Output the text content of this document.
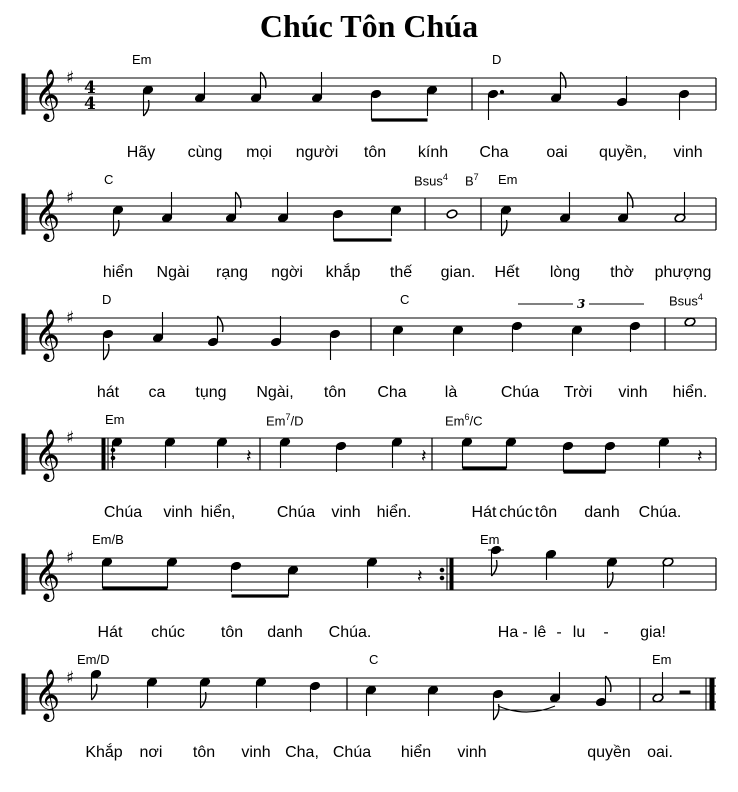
Chúc Tôn Chúa
𝄞 ♯ 4
4
Em	D
Hãy cùng mọi người tôn kính Cha oai quyền, vinh
𝄞 ♯
C	Bsus$^4$ $B^7$ Em
hiển Ngài rạng ngời khắp thế gian. Hết lòng thờ phượng
𝄞 ♯
3
D	C	Bsus$^4$
hát ca tụng Ngài, tôn Cha là	Chúa Trời vinh hiển.
𝄞 ♯
𝄽	𝄽	𝄽
Em	Em$^7$/D	Em$^6$/C
Chúa vinh hiển,	Chúa vinh hiển.	Hát chúc tôn danh Chúa.
𝄞 ♯
𝄽
Em/B	Em
Hát chúc tôn danh Chúa.	Ha - lê - lu - gia!
𝄞 ♯
Em/D	C	Em
Khắp nơi tôn vinh Cha, Chúa hiển vinh	quyền oai.
